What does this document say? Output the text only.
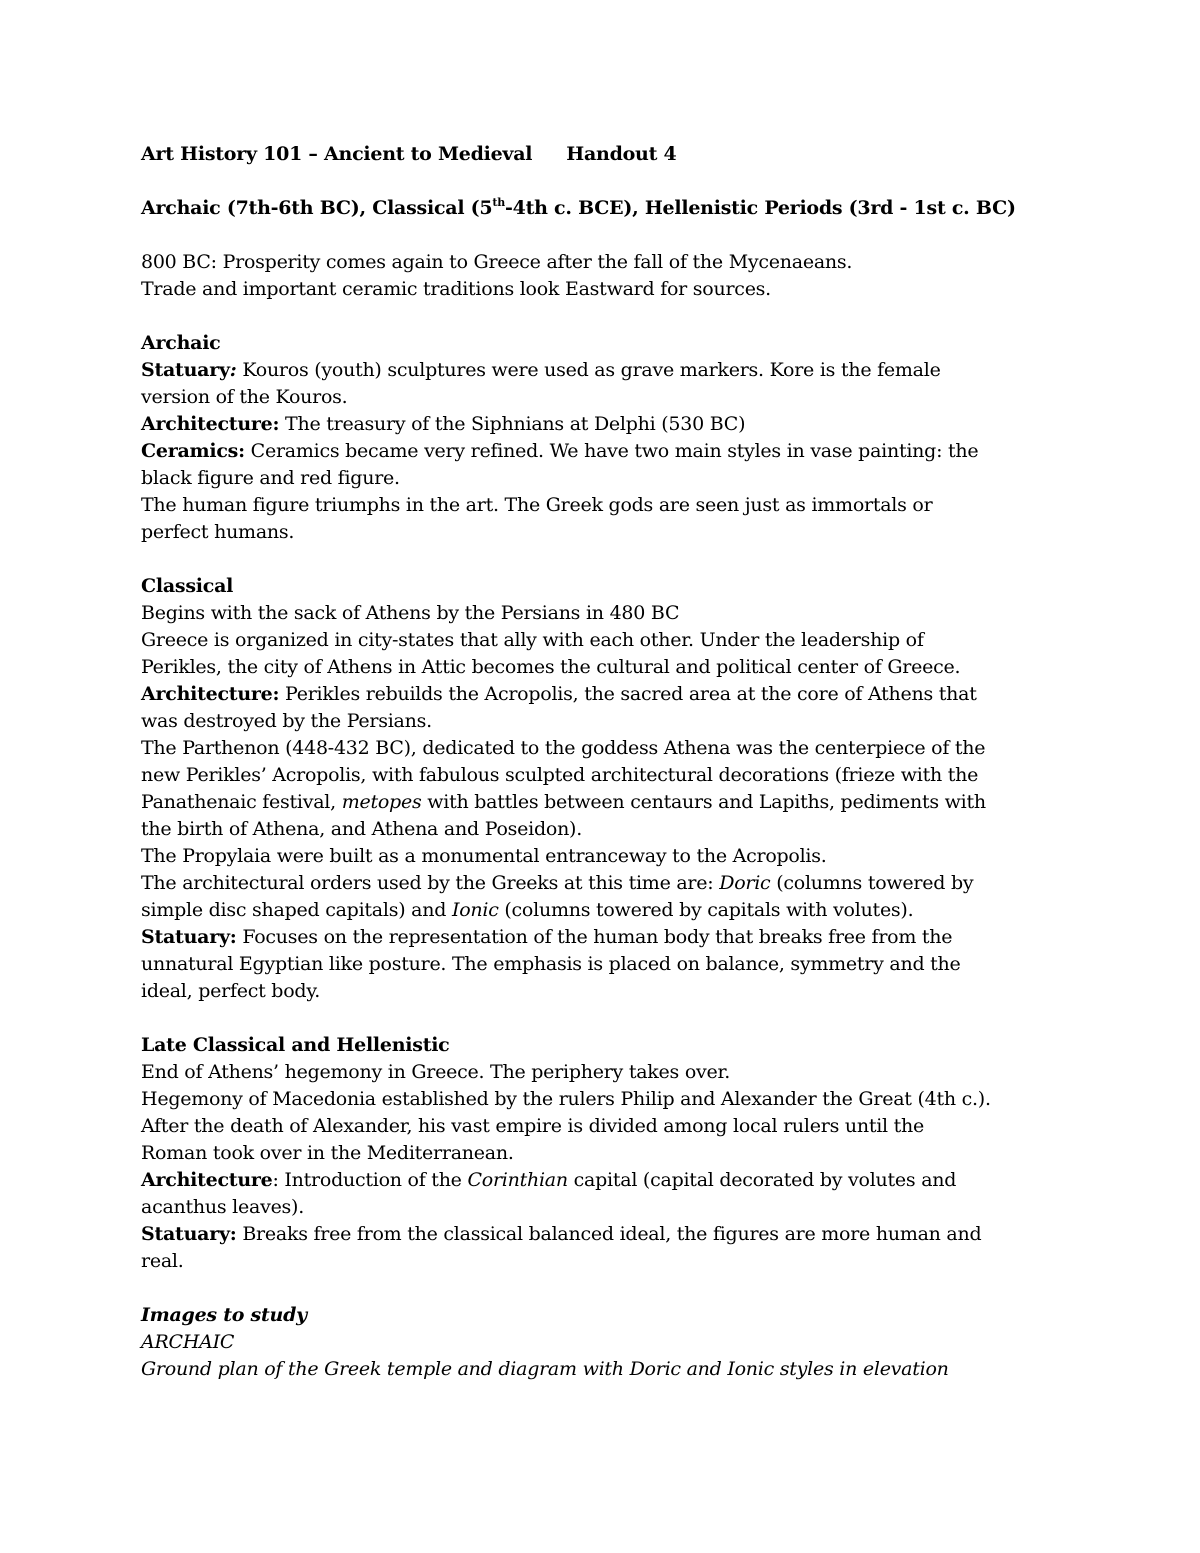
Art History 101 – Ancient to Medieval Handout 4
Archaic (7th-6th BC), Classical (5th-4th c. BCE), Hellenistic Periods (3rd - 1st c. BC)
800 BC: Prosperity comes again to Greece after the fall of the Mycenaeans.
Trade and important ceramic traditions look Eastward for sources.
Archaic
Statuary: Kouros (youth) sculptures were used as grave markers. Kore is the female
version of the Kouros.
Architecture: The treasury of the Siphnians at Delphi (530 BC)
Ceramics: Ceramics became very refined. We have two main styles in vase painting: the
black figure and red figure.
The human figure triumphs in the art. The Greek gods are seen just as immortals or
perfect humans.
Classical
Begins with the sack of Athens by the Persians in 480 BC
Greece is organized in city-states that ally with each other. Under the leadership of
Perikles, the city of Athens in Attic becomes the cultural and political center of Greece.
Architecture: Perikles rebuilds the Acropolis, the sacred area at the core of Athens that
was destroyed by the Persians.
The Parthenon (448-432 BC), dedicated to the goddess Athena was the centerpiece of the
new Perikles’ Acropolis, with fabulous sculpted architectural decorations (frieze with the
Panathenaic festival, metopes with battles between centaurs and Lapiths, pediments with
the birth of Athena, and Athena and Poseidon).
The Propylaia were built as a monumental entranceway to the Acropolis.
The architectural orders used by the Greeks at this time are: Doric (columns towered by
simple disc shaped capitals) and Ionic (columns towered by capitals with volutes).
Statuary: Focuses on the representation of the human body that breaks free from the
unnatural Egyptian like posture. The emphasis is placed on balance, symmetry and the
ideal, perfect body.
Late Classical and Hellenistic
End of Athens’ hegemony in Greece. The periphery takes over.
Hegemony of Macedonia established by the rulers Philip and Alexander the Great (4th c.).
After the death of Alexander, his vast empire is divided among local rulers until the
Roman took over in the Mediterranean.
Architecture: Introduction of the Corinthian capital (capital decorated by volutes and
acanthus leaves).
Statuary: Breaks free from the classical balanced ideal, the figures are more human and
real.
Images to study
ARCHAIC
Ground plan of the Greek temple and diagram with Doric and Ionic styles in elevation
